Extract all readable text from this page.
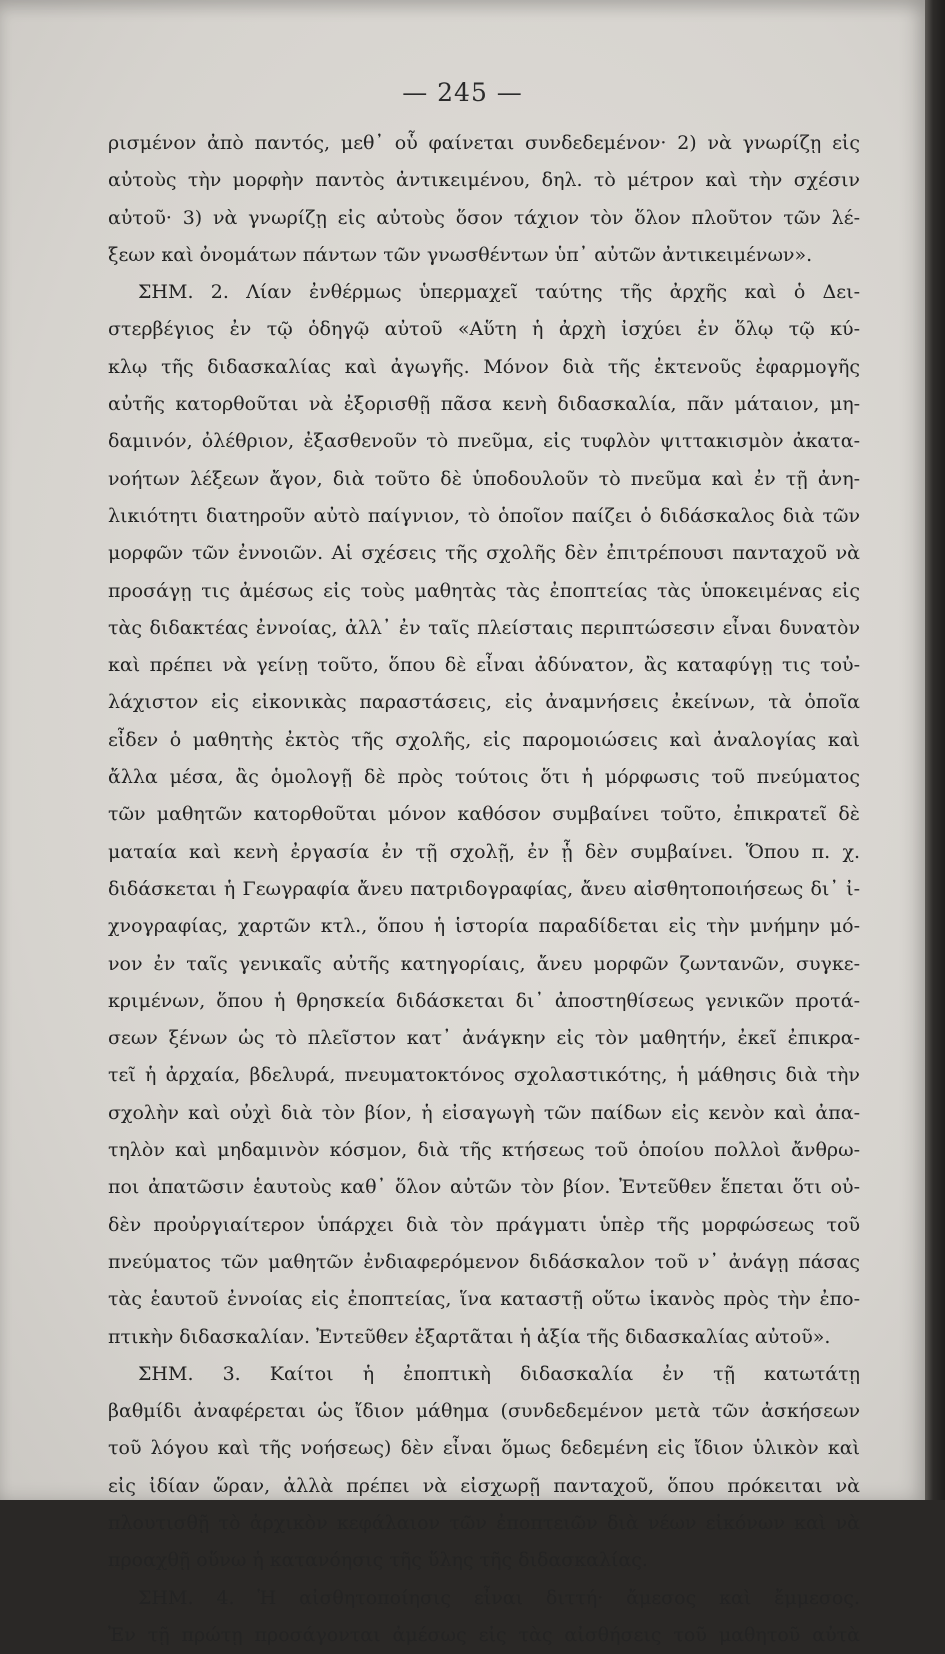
— 245 —
ρισμένον ἀπὸ παντός, μεθ᾽ οὗ φαίνεται συνδεδεμένον· 2) νὰ γνωρίζῃ εἰς
αὐτοὺς τὴν μορφὴν παντὸς ἀντικειμένου, δηλ. τὸ μέτρον καὶ τὴν σχέσιν
αὐτοῦ· 3) νὰ γνωρίζῃ εἰς αὐτοὺς ὅσον τάχιον τὸν ὅλον πλοῦτον τῶν λέ-
ξεων καὶ ὀνομάτων πάντων τῶν γνωσθέντων ὑπ᾽ αὐτῶν ἀντικειμένων».
ΣΗΜ. 2. Λίαν ἐνθέρμως ὑπερμαχεῖ ταύτης τῆς ἀρχῆς καὶ ὁ Δει-
στερβέγιος ἐν τῷ ὁδηγῷ αὐτοῦ «Αὕτη ἡ ἀρχὴ ἰσχύει ἐν ὅλῳ τῷ κύ-
κλῳ τῆς διδασκαλίας καὶ ἀγωγῆς. Μόνον διὰ τῆς ἐκτενοῦς ἐφαρμογῆς
αὐτῆς κατορθοῦται νὰ ἐξορισθῇ πᾶσα κενὴ διδασκαλία, πᾶν μάταιον, μη-
δαμινόν, ὀλέθριον, ἐξασθενοῦν τὸ πνεῦμα, εἰς τυφλὸν ψιττακισμὸν ἀκατα-
νοήτων λέξεων ἄγον, διὰ τοῦτο δὲ ὑποδουλοῦν τὸ πνεῦμα καὶ ἐν τῇ ἀνη-
λικιότητι διατηροῦν αὐτὸ παίγνιον, τὸ ὁποῖον παίζει ὁ διδάσκαλος διὰ τῶν
μορφῶν τῶν ἐννοιῶν. Αἱ σχέσεις τῆς σχολῆς δὲν ἐπιτρέπουσι πανταχοῦ νὰ
προσάγῃ τις ἀμέσως εἰς τοὺς μαθητὰς τὰς ἐποπτείας τὰς ὑποκειμένας εἰς
τὰς διδακτέας ἐννοίας, ἀλλ᾽ ἐν ταῖς πλείσταις περιπτώσεσιν εἶναι δυνατὸν
καὶ πρέπει νὰ γείνῃ τοῦτο, ὅπου δὲ εἶναι ἀδύνατον, ἂς καταφύγῃ τις τοὐ-
λάχιστον εἰς εἰκονικὰς παραστάσεις, εἰς ἀναμνήσεις ἐκείνων, τὰ ὁποῖα
εἶδεν ὁ μαθητὴς ἐκτὸς τῆς σχολῆς, εἰς παρομοιώσεις καὶ ἀναλογίας καὶ
ἄλλα μέσα, ἂς ὁμολογῇ δὲ πρὸς τούτοις ὅτι ἡ μόρφωσις τοῦ πνεύματος
τῶν μαθητῶν κατορθοῦται μόνον καθόσον συμβαίνει τοῦτο, ἐπικρατεῖ δὲ
ματαία καὶ κενὴ ἐργασία ἐν τῇ σχολῇ, ἐν ᾗ δὲν συμβαίνει. Ὅπου π. χ.
διδάσκεται ἡ Γεωγραφία ἄνευ πατριδογραφίας, ἄνευ αἰσθητοποιήσεως δι᾽ ἰ-
χνογραφίας, χαρτῶν κτλ., ὅπου ἡ ἱστορία παραδίδεται εἰς τὴν μνήμην μό-
νον ἐν ταῖς γενικαῖς αὐτῆς κατηγορίαις, ἄνευ μορφῶν ζωντανῶν, συγκε-
κριμένων, ὅπου ἡ θρησκεία διδάσκεται δι᾽ ἀποστηθίσεως γενικῶν προτά-
σεων ξένων ὡς τὸ πλεῖστον κατ᾽ ἀνάγκην εἰς τὸν μαθητήν, ἐκεῖ ἐπικρα-
τεῖ ἡ ἀρχαία, βδελυρά, πνευματοκτόνος σχολαστικότης, ἡ μάθησις διὰ τὴν
σχολὴν καὶ οὐχὶ διὰ τὸν βίον, ἡ εἰσαγωγὴ τῶν παίδων εἰς κενὸν καὶ ἀπα-
τηλὸν καὶ μηδαμινὸν κόσμον, διὰ τῆς κτήσεως τοῦ ὁποίου πολλοὶ ἄνθρω-
ποι ἀπατῶσιν ἑαυτοὺς καθ᾽ ὅλον αὐτῶν τὸν βίον. Ἐντεῦθεν ἕπεται ὅτι οὐ-
δὲν προὐργιαίτερον ὑπάρχει διὰ τὸν πράγματι ὑπὲρ τῆς μορφώσεως τοῦ
πνεύματος τῶν μαθητῶν ἐνδιαφερόμενον διδάσκαλον τοῦ ν᾽ ἀνάγῃ πάσας
τὰς ἑαυτοῦ ἐννοίας εἰς ἐποπτείας, ἵνα καταστῇ οὕτω ἱκανὸς πρὸς τὴν ἐπο-
πτικὴν διδασκαλίαν. Ἐντεῦθεν ἐξαρτᾶται ἡ ἀξία τῆς διδασκαλίας αὐτοῦ».
ΣΗΜ. 3. Καίτοι ἡ ἐποπτικὴ διδασκαλία ἐν τῇ κατωτάτῃ
βαθμίδι ἀναφέρεται ὡς ἴδιον μάθημα (συνδεδεμένον μετὰ τῶν ἀσκήσεων
τοῦ λόγου καὶ τῆς νοήσεως) δὲν εἶναι ὅμως δεδεμένη εἰς ἴδιον ὑλικὸν καὶ
εἰς ἰδίαν ὥραν, ἀλλὰ πρέπει νὰ εἰσχωρῇ πανταχοῦ, ὅπου πρόκειται νὰ
πλουτισθῇ τὸ ἀρχικὸν κεφάλαιον τῶν ἐποπτειῶν διὰ νέων εἰκόνων καὶ νὰ
προαχθῇ οὕνω ἡ κατανόησις τῆς ὕλης τῆς διδασκαλίας.
ΣΗΜ. 4. Ἡ αἰσθητοποίησις εἶναι διττή· ἄμεσος καὶ ἔμμεσος.
Ἐν τῇ πρώτῃ προσάγονται ἀμέσως εἰς τὰς αἰσθήσεις τοῦ μαθητοῦ αὐτὰ
